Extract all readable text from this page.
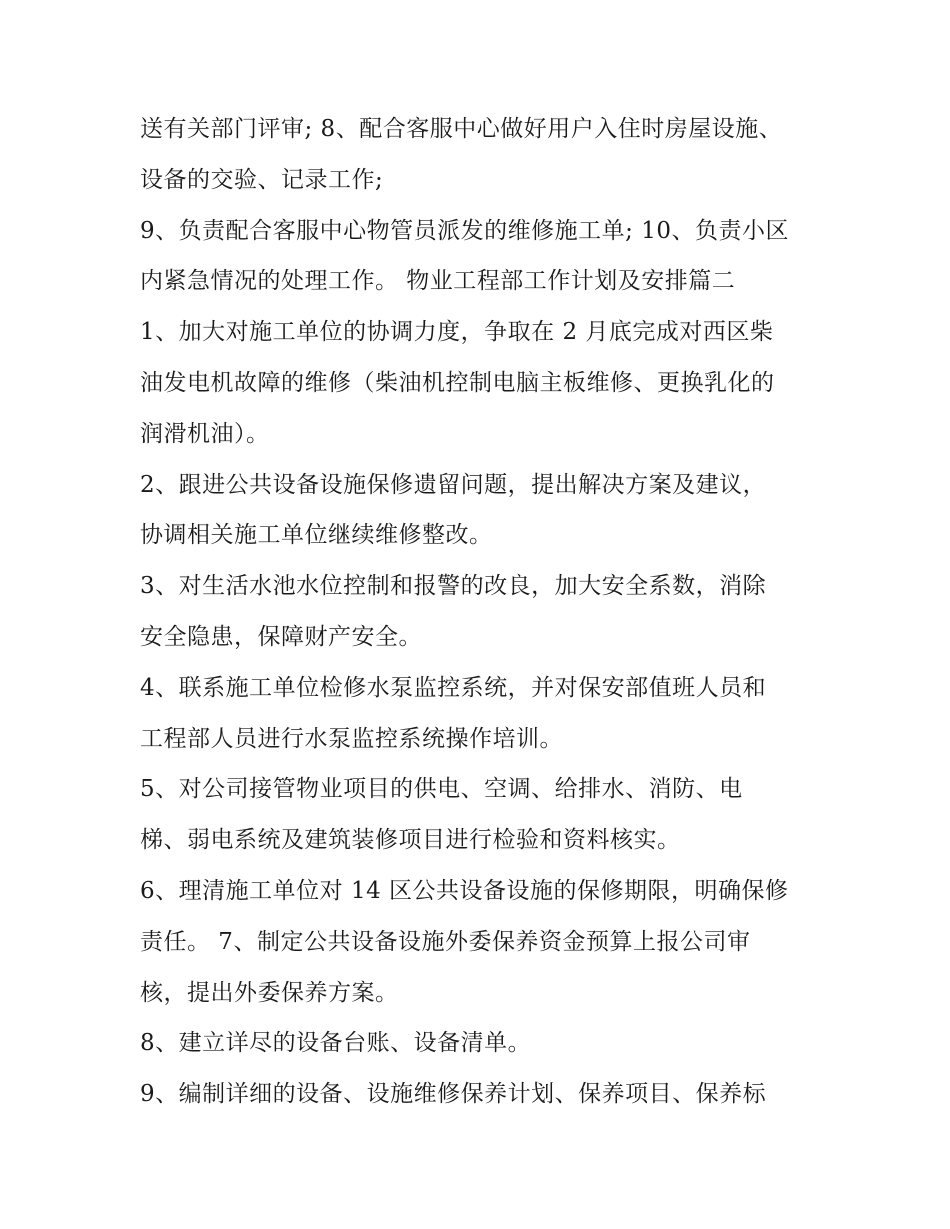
送有关部门评审; 8、配合客服中心做好用户入住时房屋设施、
设备的交验、记录工作;
9、负责配合客服中心物管员派发的维修施工单; 10、负责小区
内紧急情况的处理工作。 物业工程部工作计划及安排篇二
1、加大对施工单位的协调力度，争取在 2 月底完成对西区柴
油发电机故障的维修（柴油机控制电脑主板维修、更换乳化的
润滑机油）。
2、跟进公共设备设施保修遗留问题，提出解决方案及建议，
协调相关施工单位继续维修整改。
3、对生活水池水位控制和报警的改良，加大安全系数，消除
安全隐患，保障财产安全。
4、联系施工单位检修水泵监控系统，并对保安部值班人员和
工程部人员进行水泵监控系统操作培训。
5、对公司接管物业项目的供电、空调、给排水、消防、电
梯、弱电系统及建筑装修项目进行检验和资料核实。
6、理清施工单位对 14 区公共设备设施的保修期限，明确保修
责任。 7、制定公共设备设施外委保养资金预算上报公司审
核，提出外委保养方案。
8、建立详尽的设备台账、设备清单。
9、编制详细的设备、设施维修保养计划、保养项目、保养标
